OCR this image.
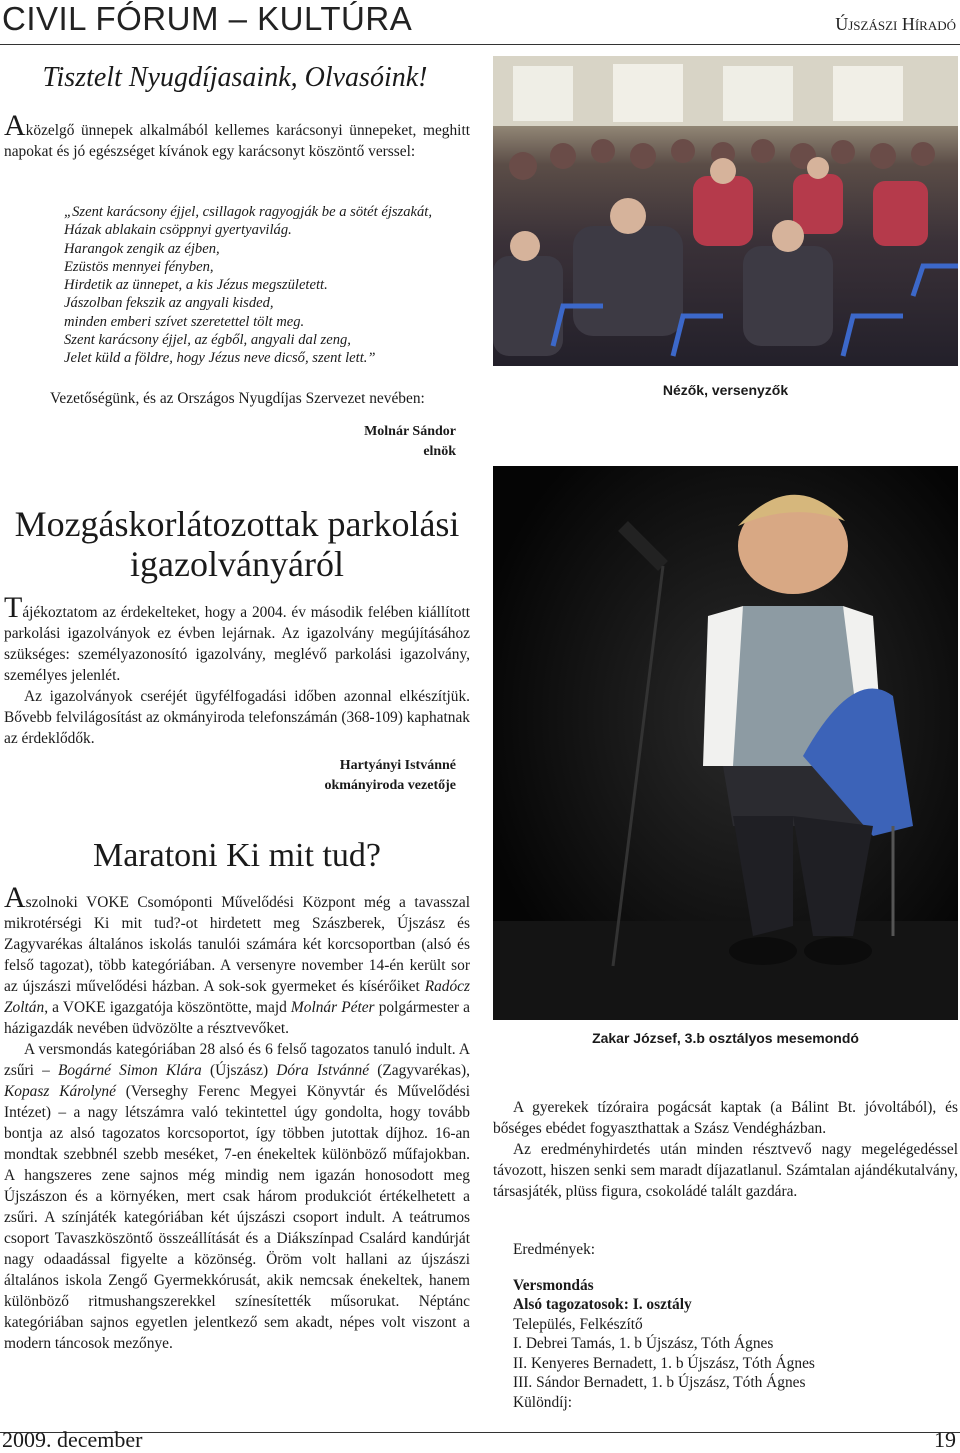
CIVIL FÓRUM – KULTÚRA	Újszászi Híradó
Tisztelt Nyugdíjasaink, Olvasóink!
Aközelgő ünnepek alkalmából kellemes karácsonyi ünnepeket, meghitt napokat és jó egészséget kívánok egy karácsonyt köszöntő verssel:
„Szent karácsony éjjel, csillagok ragyogják be a sötét éjszakát,
Házak ablakain csöppnyi gyertyavilág.
Harangok zengik az éjben,
Ezüstös mennyei fényben,
Hirdetik az ünnepet, a kis Jézus megszületett.
Jászolban fekszik az angyali kisded,
minden emberi szívet szeretettel tölt meg.
Szent karácsony éjjel, az égből, angyali dal zeng,
Jelet küld a földre, hogy Jézus neve dicső, szent lett.”
Vezetőségünk, és az Országos Nyugdíjas Szervezet nevében:
Molnár Sándor
elnök
Mozgáskorlátozottak parkolási igazolványáról

Tájékoztatom az érdekelteket, hogy a 2004. év második felében kiállított parkolási igazolványok ez évben lejárnak. Az igazolvány megújításához szükséges: személyazonosító igazolvány, meglévő parkolási igazolvány, személyes jelenlét.

Az igazolványok cseréjét ügyfélfogadási időben azonnal elkészítjük. Bővebb felvilágosítást az okmányiroda telefonszámán (368-109) kaphatnak az érdeklődők.

Hartyányi Istvánné
okmányiroda vezetője
Maratoni Ki mit tud?

Aszolnoki VOKE Csomóponti Művelődési Központ még a tavasszal mikrotérségi Ki mit tud?-ot hirdetett meg Szászberek, Újszász és Zagyvarékas általános iskolás tanulói számára két korcsoportban (alsó és felső tagozat), több kategóriában. A versenyre november 14-én került sor az újszászi művelődési házban. A sok-sok gyermeket és kísérőiket Radócz Zoltán, a VOKE igazgatója köszöntötte, majd Molnár Péter polgármester a házigazdák nevében üdvözölte a résztvevőket.

A versmondás kategóriában 28 alsó és 6 felső tagozatos tanuló indult. A zsűri – Bogárné Simon Klára (Újszász) Dóra Istvánné (Zagyvarékas), Kopasz Károlyné (Verseghy Ferenc Megyei Könyvtár és Művelődési Intézet) – a nagy létszámra való tekintettel úgy gondolta, hogy tovább bontja az alsó tagozatos korcsoportot, így többen jutottak díjhoz. 16-an mondtak szebbnél szebb meséket, 7-en énekeltek különböző műfajokban. A hangszeres zene sajnos még mindig nem igazán honosodott meg Újszászon és a környéken, mert csak három produkciót értékelhetett a zsűri. A színjáték kategóriában két újszászi csoport indult. A teátrumos csoport Tavaszköszöntő összeállítását és a Diákszínpad Csalárd kandúrját nagy odaadással figyelte a közönség. Öröm volt hallani az újszászi általános iskola Zengő Gyermekkórusát, akik nemcsak énekeltek, hanem különböző ritmushangszerekkel színesítették műsorukat. Néptánc kategóriában sajnos egyetlen jelentkező sem akadt, népes volt viszont a modern táncosok mezőnye.

Nézők, versenyzők
Zakar József, 3.b osztályos mesemondó

A gyerekek tízóraira pogácsát kaptak (a Bálint Bt. jóvoltából), és bőséges ebédet fogyaszthattak a Szász Vendégházban.

Az eredményhirdetés után minden résztvevő nagy megelégedéssel távozott, hiszen senki sem maradt díjazatlanul. Számtalan ajándékutalvány, társasjáték, plüss figura, csokoládé talált gazdára.

Eredmények:
Versmondás
Alsó tagozatosok: I. osztály
Település, Felkészítő
I. Debrei Tamás, 1. b Újszász, Tóth Ágnes
II. Kenyeres Bernadett, 1. b Újszász, Tóth Ágnes
III. Sándor Bernadett, 1. b Újszász, Tóth Ágnes
Különdíj:
2009. december	19
